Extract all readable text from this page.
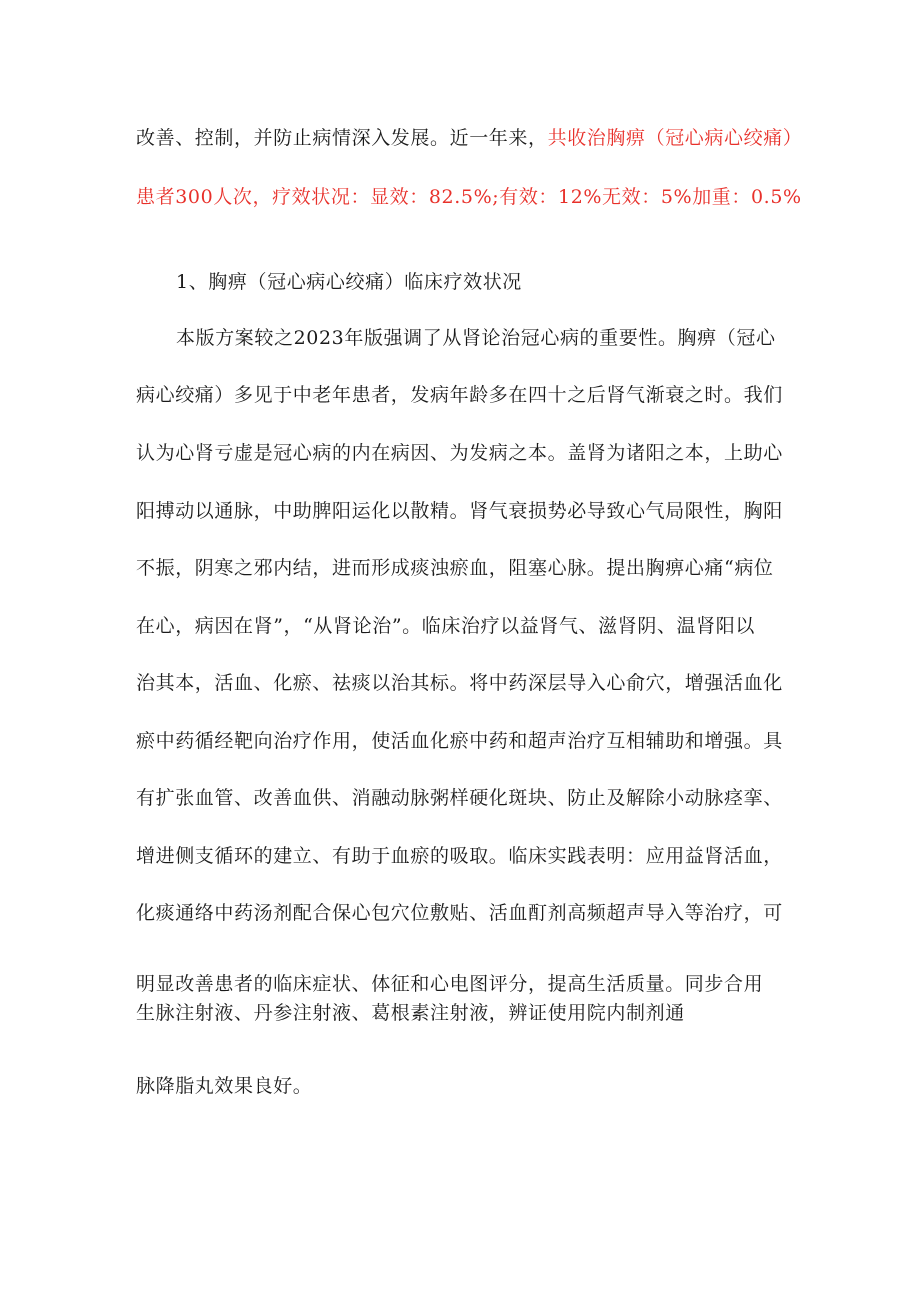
改善、控制，并防止病情深入发展。近一年来，共收治胸痹（冠心病心绞痛）
患者300人次，疗效状况：显效：82.5%;有效：12%无效：5%加重：0.5%
1、胸痹（冠心病心绞痛）临床疗效状况
本版方案较之2023年版强调了从肾论治冠心病的重要性。胸痹（冠心
病心绞痛）多见于中老年患者，发病年龄多在四十之后肾气渐衰之时。我们
认为心肾亏虚是冠心病的内在病因、为发病之本。盖肾为诸阳之本，上助心
阳搏动以通脉，中助脾阳运化以散精。肾气衰损势必导致心气局限性，胸阳
不振，阴寒之邪内结，进而形成痰浊瘀血，阻塞心脉。提出胸痹心痛“病位
在心，病因在肾”，“从肾论治”。临床治疗以益肾气、滋肾阴、温肾阳以
治其本，活血、化瘀、祛痰以治其标。将中药深层导入心俞穴，增强活血化
瘀中药循经靶向治疗作用，使活血化瘀中药和超声治疗互相辅助和增强。具
有扩张血管、改善血供、消融动脉粥样硬化斑块、防止及解除小动脉痉挛、
增进侧支循环的建立、有助于血瘀的吸取。临床实践表明：应用益肾活血，
化痰通络中药汤剂配合保心包穴位敷贴、活血酊剂高频超声导入等治疗，可
明显改善患者的临床症状、体征和心电图评分，提高生活质量。同步合用
生脉注射液、丹参注射液、葛根素注射液，辨证使用院内制剂通
脉降脂丸效果良好。
